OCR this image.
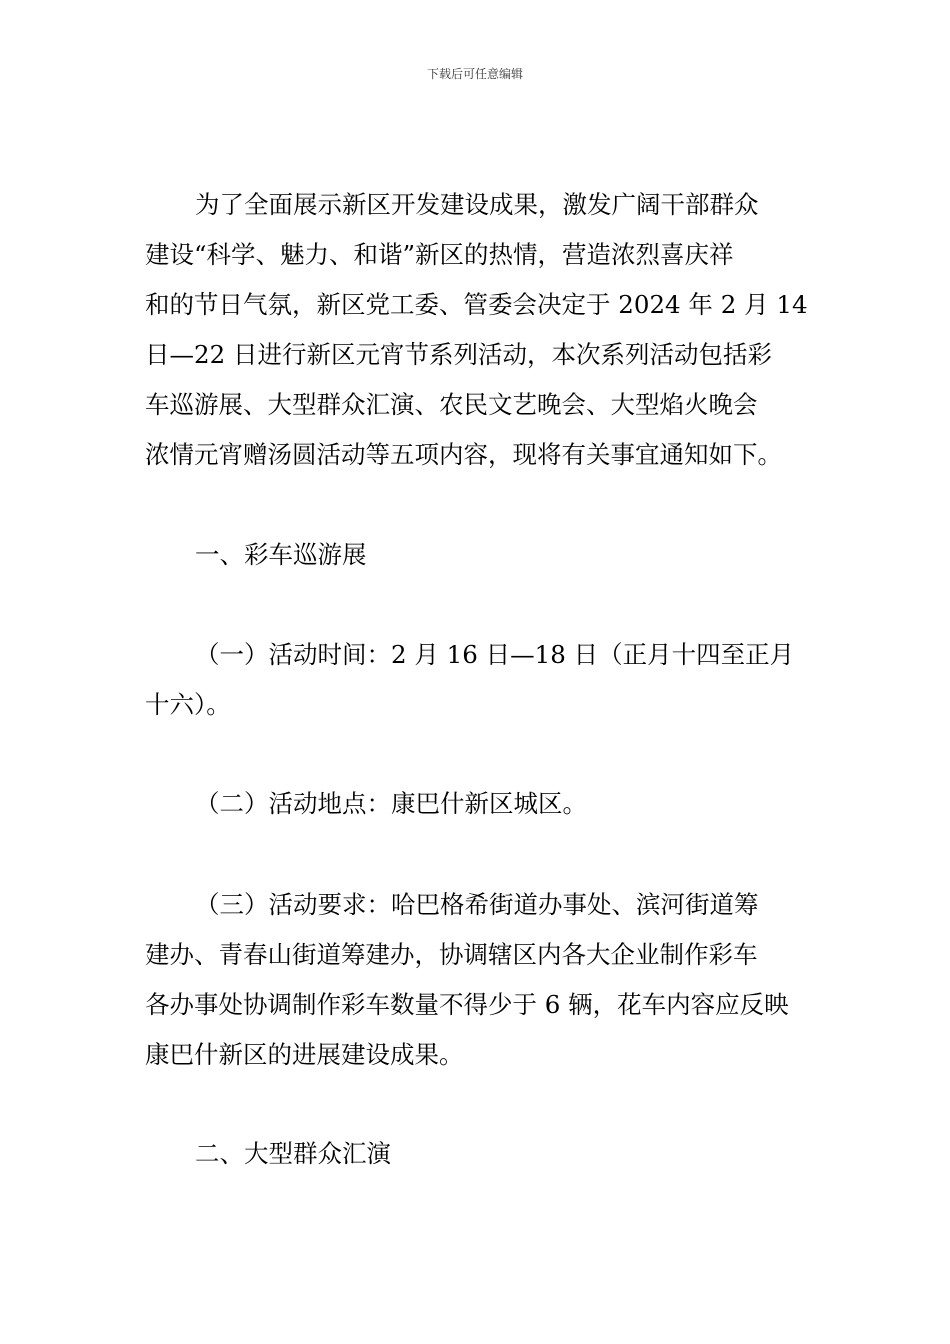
下载后可任意编辑
为了全面展示新区开发建设成果，激发广阔干部群众
建设“科学、魅力、和谐”新区的热情，营造浓烈喜庆祥
和的节日气氛，新区党工委、管委会决定于 2024 年 2 月 14
日—22 日进行新区元宵节系列活动，本次系列活动包括彩
车巡游展、大型群众汇演、农民文艺晚会、大型焰火晚会
浓情元宵赠汤圆活动等五项内容，现将有关事宜通知如下。
一、彩车巡游展
（一）活动时间：2 月 16 日—18 日（正月十四至正月
十六）。
（二）活动地点：康巴什新区城区。
（三）活动要求：哈巴格希街道办事处、滨河街道筹
建办、青春山街道筹建办，协调辖区内各大企业制作彩车
各办事处协调制作彩车数量不得少于 6 辆，花车内容应反映
康巴什新区的进展建设成果。
二、大型群众汇演
